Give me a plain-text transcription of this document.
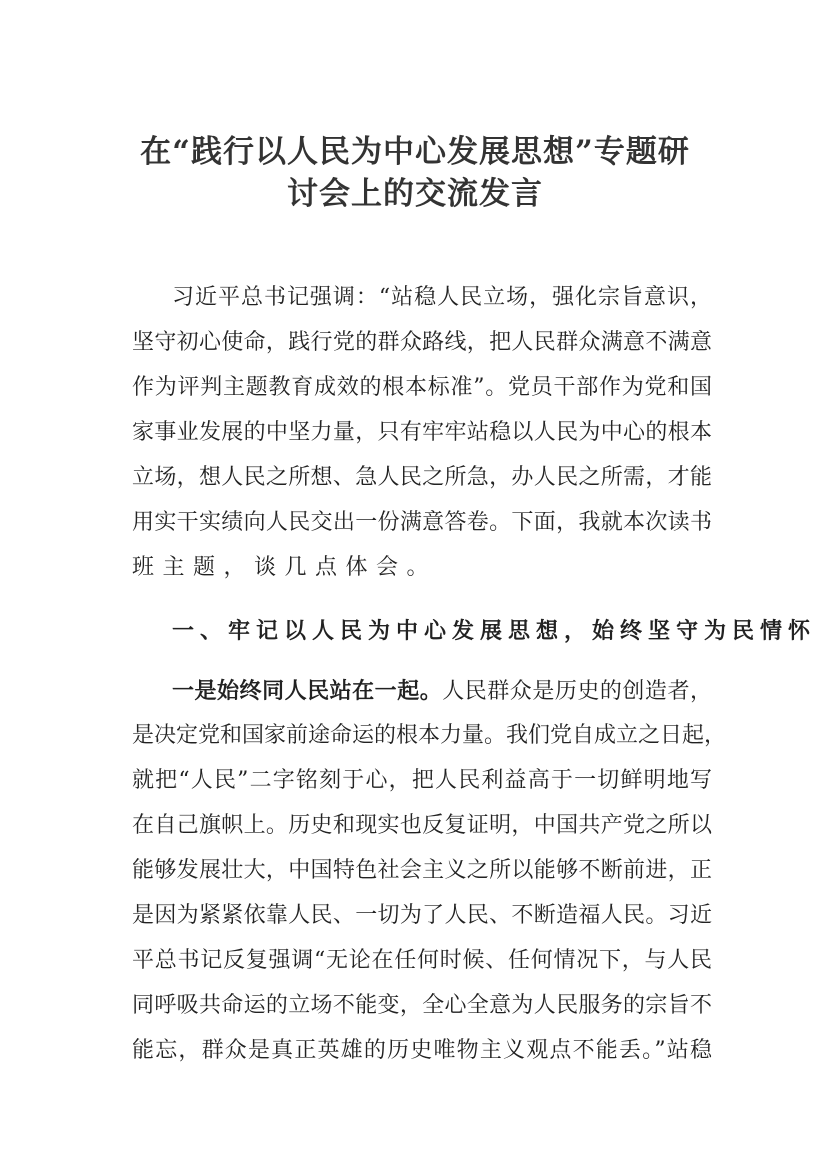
在“践行以人民为中心发展思想”专题研
讨会上的交流发言
习近平总书记强调：“站稳人民立场，强化宗旨意识，
坚守初心使命，践行党的群众路线，把人民群众满意不满意
作为评判主题教育成效的根本标准”。党员干部作为党和国
家事业发展的中坚力量，只有牢牢站稳以人民为中心的根本
立场，想人民之所想、急人民之所急，办人民之所需，才能
用实干实绩向人民交出一份满意答卷。下面，我就本次读书
班主题，谈几点体会。
一、牢记以人民为中心发展思想，始终坚守为民情怀
一是始终同人民站在一起。人民群众是历史的创造者，
是决定党和国家前途命运的根本力量。我们党自成立之日起，
就把“人民”二字铭刻于心，把人民利益高于一切鲜明地写
在自己旗帜上。历史和现实也反复证明，中国共产党之所以
能够发展壮大，中国特色社会主义之所以能够不断前进，正
是因为紧紧依靠人民、一切为了人民、不断造福人民。习近
平总书记反复强调“无论在任何时候、任何情况下，与人民
同呼吸共命运的立场不能变，全心全意为人民服务的宗旨不
能忘，群众是真正英雄的历史唯物主义观点不能丢。”站稳
